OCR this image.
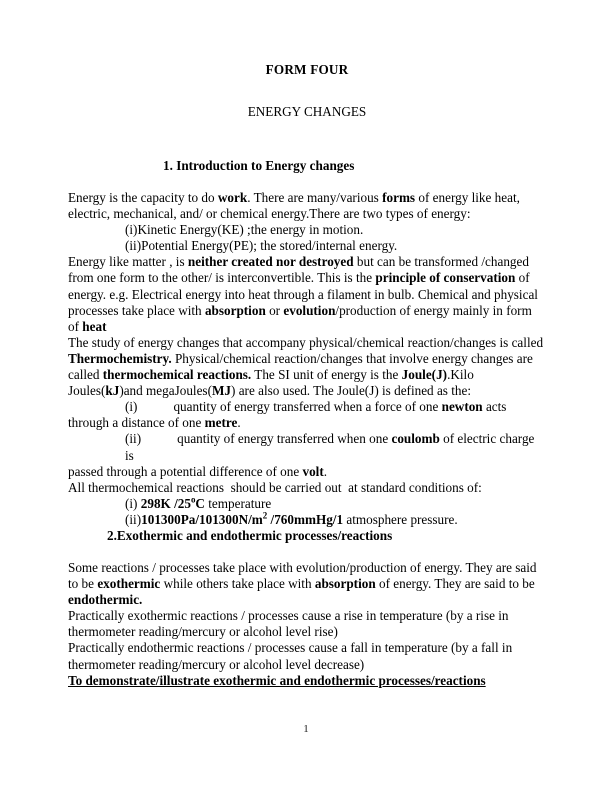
FORM FOUR
ENERGY CHANGES
1. Introduction to Energy changes

Energy is the capacity to do work. There are many/various forms of energy like heat, electric, mechanical, and/ or chemical energy.There are two types of energy:

(i)Kinetic Energy(KE) ;the energy in motion.
(ii)Potential Energy(PE); the stored/internal energy.

Energy like matter , is neither created nor destroyed but can be transformed /changed from one form to the other/ is interconvertible. This is the principle of conservation of energy. e.g. Electrical energy into heat through a filament in bulb. Chemical and physical processes take place with absorption or evolution/production of energy mainly in form of heat

The study of energy changes that accompany physical/chemical reaction/changes is called Thermochemistry. Physical/chemical reaction/changes that involve energy changes are called thermochemical reactions. The SI unit of energy is the Joule(J).Kilo Joules(kJ)and megaJoules(MJ) are also used. The Joule(J) is defined as the:

(i)	quantity of energy transferred when a force of one newton acts
through a distance of one metre.
(ii)	quantity of energy transferred when one coulomb of electric charge is
passed through a potential difference of one volt.
All thermochemical reactions  should be carried out  at standard conditions of:
(i) 298K /25$^o$C temperature
$(ii)101300Pa/101300N/m^2$ /760mmHg/1 atmosphere pressure.
2.Exothermic and endothermic processes/reactions

Some reactions / processes take place with evolution/production of energy. They are said to be exothermic while others take place with absorption of energy. They are said to be endothermic.

Practically exothermic reactions / processes cause a rise in temperature (by a rise in thermometer reading/mercury or alcohol level rise)

Practically endothermic reactions / processes cause a fall in temperature (by a fall in thermometer reading/mercury or alcohol level decrease)

To demonstrate/illustrate exothermic and endothermic processes/reactions

1
